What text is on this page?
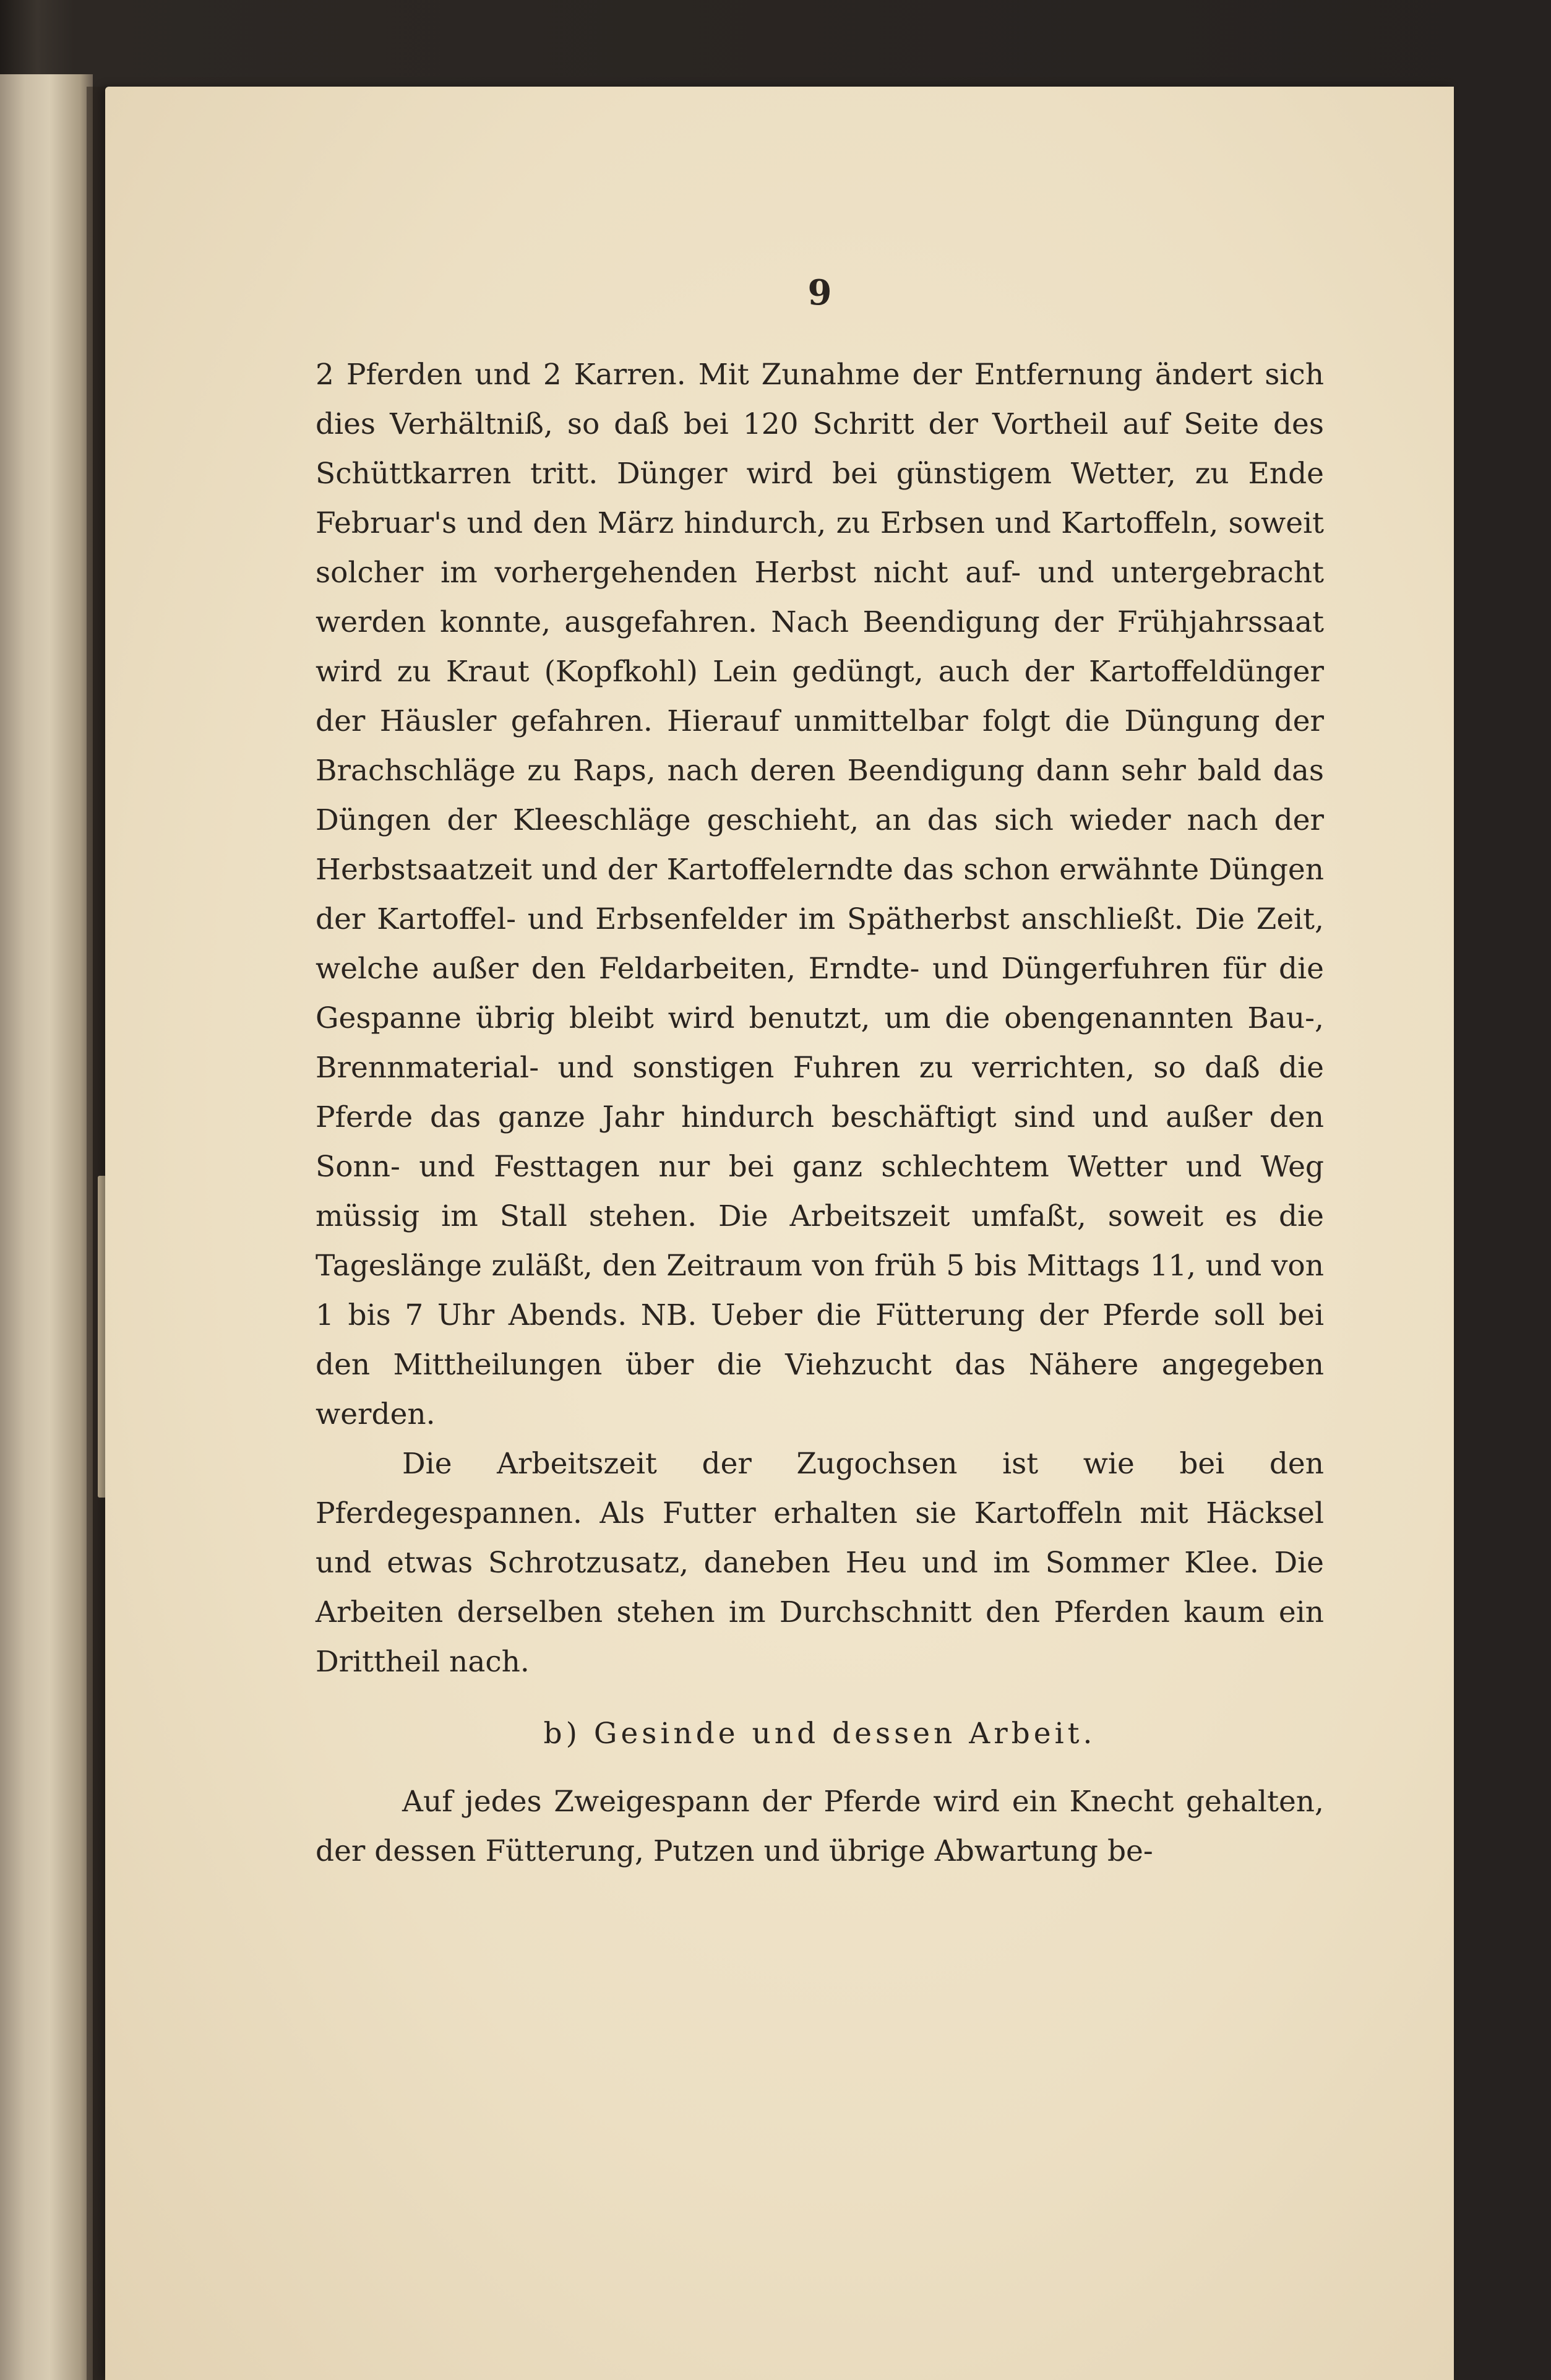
9

2 Pferden und 2 Karren. Mit Zunahme der Entfernung ändert sich dies Verhältniß, so daß bei 120 Schritt der Vortheil auf Seite des Schüttkarren tritt. Dünger wird bei günstigem Wetter, zu Ende Februar's und den März hindurch, zu Erbsen und Kartoffeln, soweit solcher im vorhergehenden Herbst nicht auf- und untergebracht werden konnte, ausgefahren. Nach Beendigung der Frühjahrssaat wird zu Kraut (Kopfkohl) Lein gedüngt, auch der Kartoffeldünger der Häusler gefahren. Hierauf unmittelbar folgt die Düngung der Brachschläge zu Raps, nach deren Beendigung dann sehr bald das Düngen der Kleeschläge geschieht, an das sich wieder nach der Herbstsaatzeit und der Kartoffelerndte das schon erwähnte Düngen der Kartoffel- und Erbsenfelder im Spätherbst anschließt. Die Zeit, welche außer den Feldarbeiten, Erndte- und Düngerfuhren für die Gespanne übrig bleibt wird benutzt, um die obengenannten Bau-, Brennmaterial- und sonstigen Fuhren zu verrichten, so daß die Pferde das ganze Jahr hindurch beschäftigt sind und außer den Sonn- und Festtagen nur bei ganz schlechtem Wetter und Weg müssig im Stall stehen. Die Arbeitszeit umfaßt, soweit es die Tageslänge zuläßt, den Zeitraum von früh 5 bis Mittags 11, und von 1 bis 7 Uhr Abends. NB. Ueber die Fütterung der Pferde soll bei den Mittheilungen über die Viehzucht das Nähere angegeben werden.

Die Arbeitszeit der Zugochsen ist wie bei den Pferdegespannen. Als Futter erhalten sie Kartoffeln mit Häcksel und etwas Schrotzusatz, daneben Heu und im Sommer Klee. Die Arbeiten derselben stehen im Durchschnitt den Pferden kaum ein Drittheil nach.

b) Gesinde und dessen Arbeit.

Auf jedes Zweigespann der Pferde wird ein Knecht gehalten, der dessen Fütterung, Putzen und übrige Abwartung be-
